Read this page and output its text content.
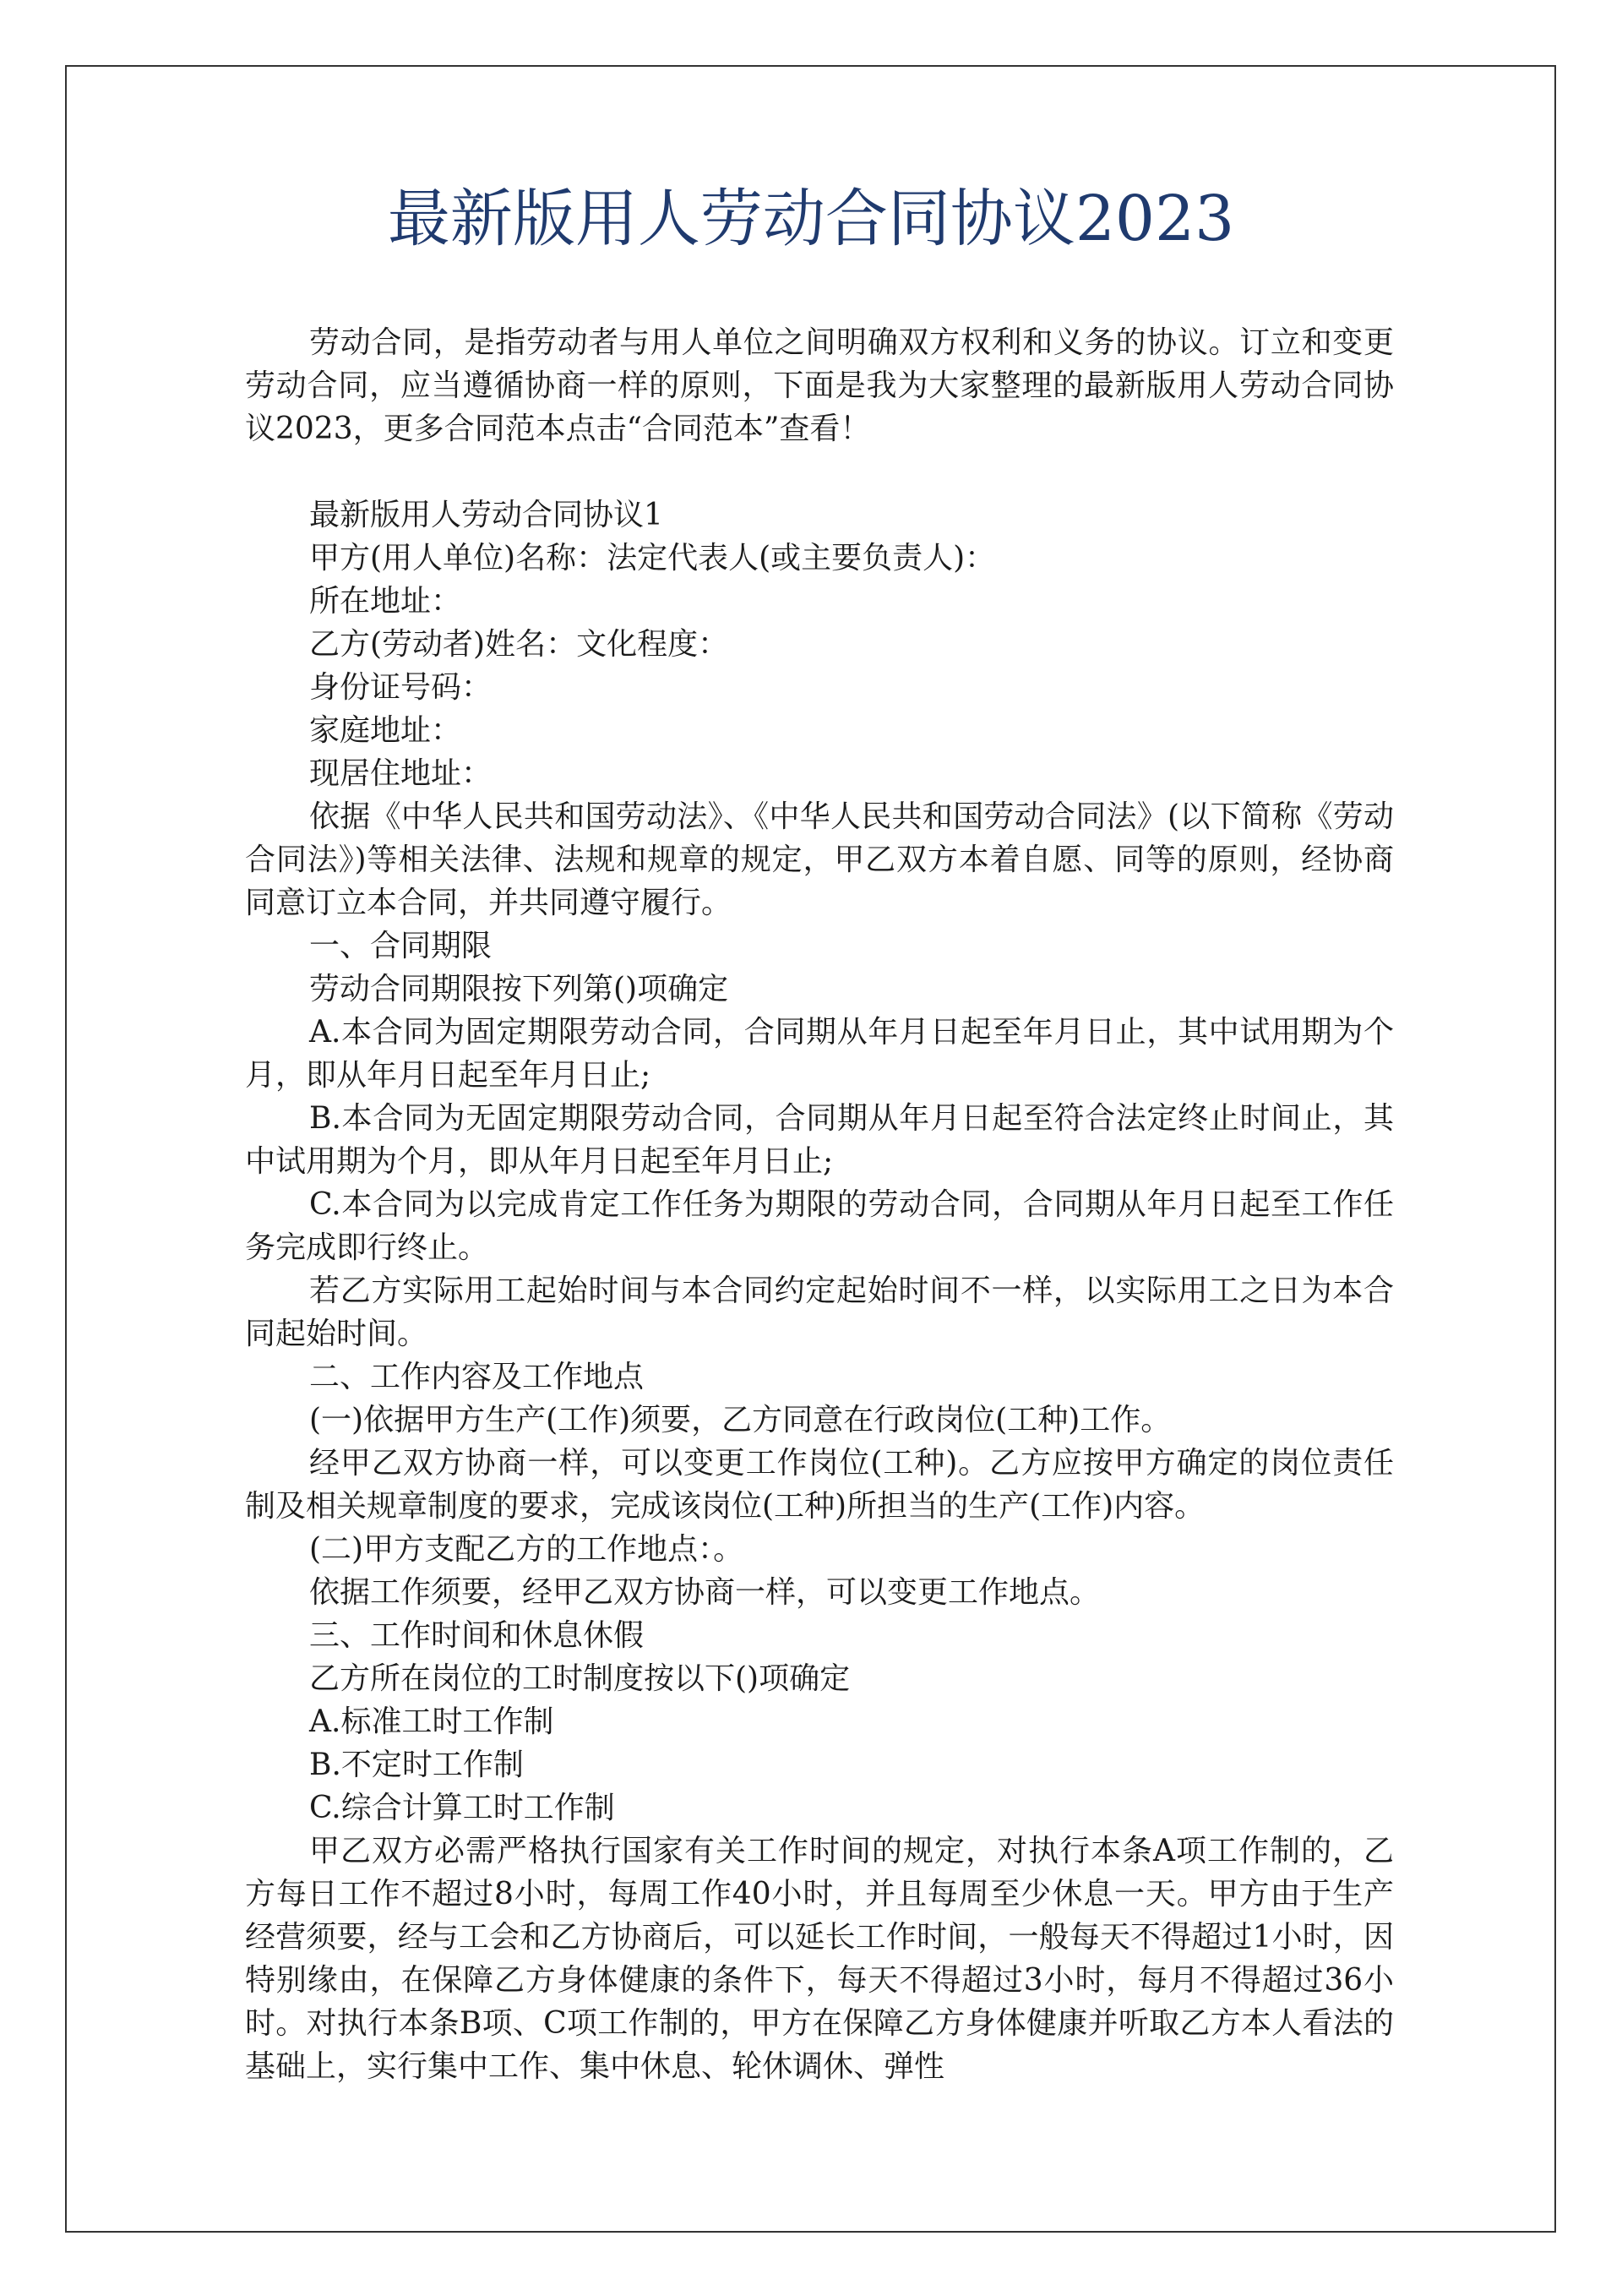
最新版用人劳动合同协议2023

劳动合同，是指劳动者与用人单位之间明确双方权利和义务的协议。订立和变更劳动合同，应当遵循协商一样的原则，下面是我为大家整理的最新版用人劳动合同协议2023，更多合同范本点击“合同范本”查看！

最新版用人劳动合同协议1

甲方(用人单位)名称：法定代表人(或主要负责人)：

所在地址：

乙方(劳动者)姓名：文化程度：

身份证号码：

家庭地址：

现居住地址：

依据《中华人民共和国劳动法》、《中华人民共和国劳动合同法》(以下简称《劳动合同法》)等相关法律、法规和规章的规定，甲乙双方本着自愿、同等的原则，经协商同意订立本合同，并共同遵守履行。

一、合同期限

劳动合同期限按下列第()项确定

A.本合同为固定期限劳动合同，合同期从年月日起至年月日止，其中试用期为个月，即从年月日起至年月日止;

B.本合同为无固定期限劳动合同，合同期从年月日起至符合法定终止时间止，其中试用期为个月，即从年月日起至年月日止;

C.本合同为以完成肯定工作任务为期限的劳动合同，合同期从年月日起至工作任务完成即行终止。

若乙方实际用工起始时间与本合同约定起始时间不一样，以实际用工之日为本合同起始时间。

二、工作内容及工作地点

(一)依据甲方生产(工作)须要，乙方同意在行政岗位(工种)工作。

经甲乙双方协商一样，可以变更工作岗位(工种)。乙方应按甲方确定的岗位责任制及相关规章制度的要求，完成该岗位(工种)所担当的生产(工作)内容。

(二)甲方支配乙方的工作地点：。

依据工作须要，经甲乙双方协商一样，可以变更工作地点。

三、工作时间和休息休假

乙方所在岗位的工时制度按以下()项确定

A.标准工时工作制

B.不定时工作制

C.综合计算工时工作制

甲乙双方必需严格执行国家有关工作时间的规定，对执行本条A项工作制的，乙方每日工作不超过8小时，每周工作40小时，并且每周至少休息一天。甲方由于生产经营须要，经与工会和乙方协商后，可以延长工作时间，一般每天不得超过1小时，因特别缘由，在保障乙方身体健康的条件下，每天不得超过3小时，每月不得超过36小时。对执行本条B项、C项工作制的，甲方在保障乙方身体健康并听取乙方本人看法的基础上，实行集中工作、集中休息、轮休调休、弹性
